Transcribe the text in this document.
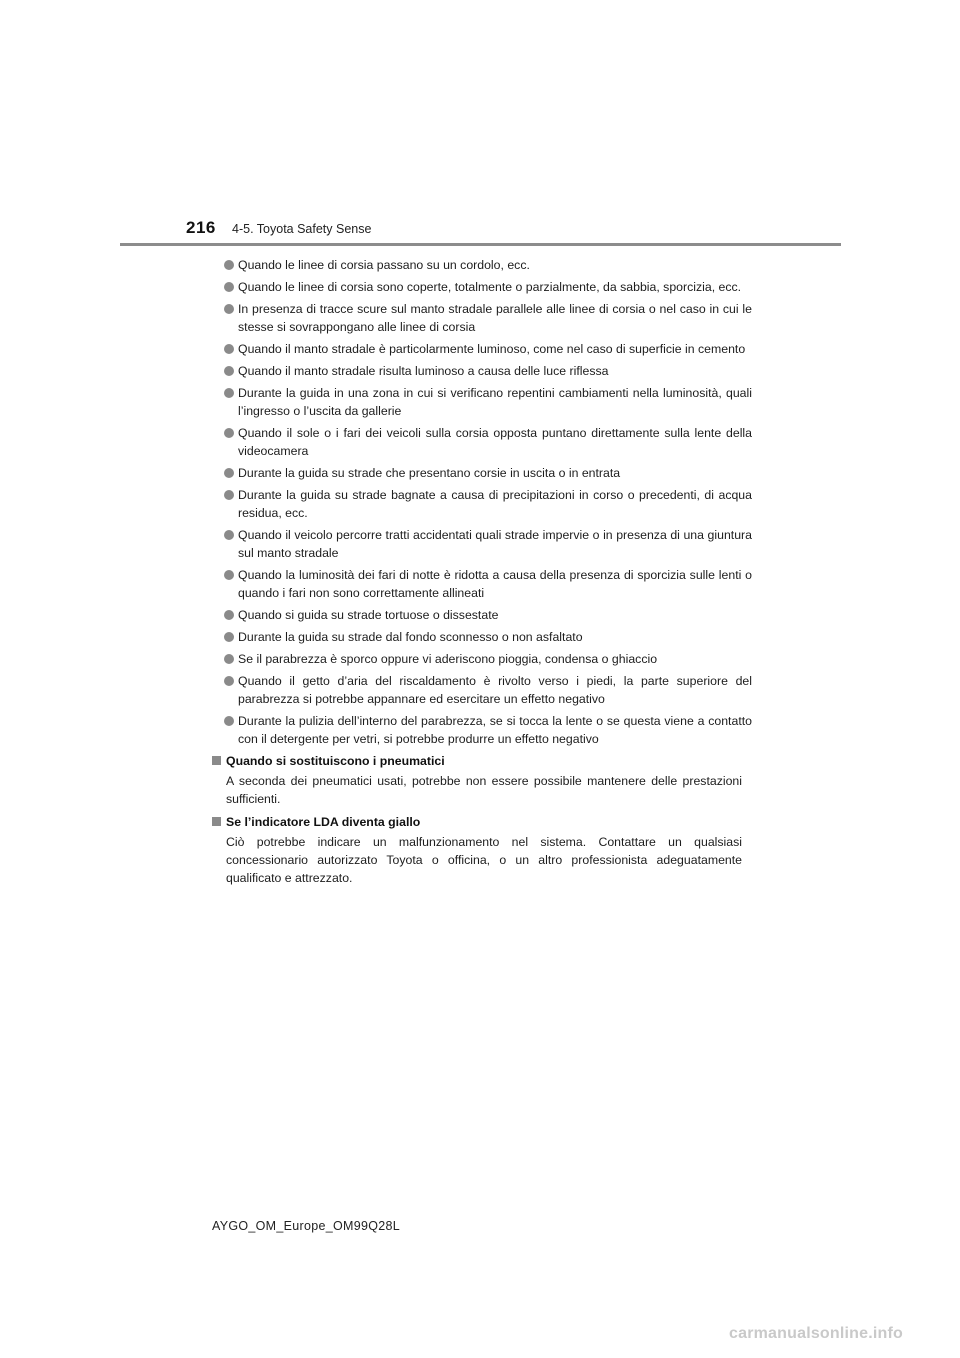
216 4-5. Toyota Safety Sense
Quando le linee di corsia passano su un cordolo, ecc.
Quando le linee di corsia sono coperte, totalmente o parzialmente, da sabbia, sporcizia, ecc.
In presenza di tracce scure sul manto stradale parallele alle linee di corsia o nel caso in cui le stesse si sovrappongano alle linee di corsia
Quando il manto stradale è particolarmente luminoso, come nel caso di superficie in cemento
Quando il manto stradale risulta luminoso a causa delle luce riflessa
Durante la guida in una zona in cui si verificano repentini cambiamenti nella luminosità, quali l’ingresso o l’uscita da gallerie
Quando il sole o i fari dei veicoli sulla corsia opposta puntano direttamente sulla lente della videocamera
Durante la guida su strade che presentano corsie in uscita o in entrata
Durante la guida su strade bagnate a causa di precipitazioni in corso o precedenti, di acqua residua, ecc.
Quando il veicolo percorre tratti accidentati quali strade impervie o in presenza di una giuntura sul manto stradale
Quando la luminosità dei fari di notte è ridotta a causa della presenza di sporcizia sulle lenti o quando i fari non sono correttamente allineati
Quando si guida su strade tortuose o dissestate
Durante la guida su strade dal fondo sconnesso o non asfaltato
Se il parabrezza è sporco oppure vi aderiscono pioggia, condensa o ghiaccio
Quando il getto d’aria del riscaldamento è rivolto verso i piedi, la parte superiore del parabrezza si potrebbe appannare ed esercitare un effetto negativo
Durante la pulizia dell’interno del parabrezza, se si tocca la lente o se questa viene a contatto con il detergente per vetri, si potrebbe produrre un effetto negativo
Quando si sostituiscono i pneumatici
A seconda dei pneumatici usati, potrebbe non essere possibile mantenere delle prestazioni sufficienti.
Se l’indicatore LDA diventa giallo
Ciò potrebbe indicare un malfunzionamento nel sistema. Contattare un qualsiasi concessionario autorizzato Toyota o officina, o un altro professionista adeguatamente qualificato e attrezzato.
AYGO_OM_Europe_OM99Q28L
carmanualsonline.info
